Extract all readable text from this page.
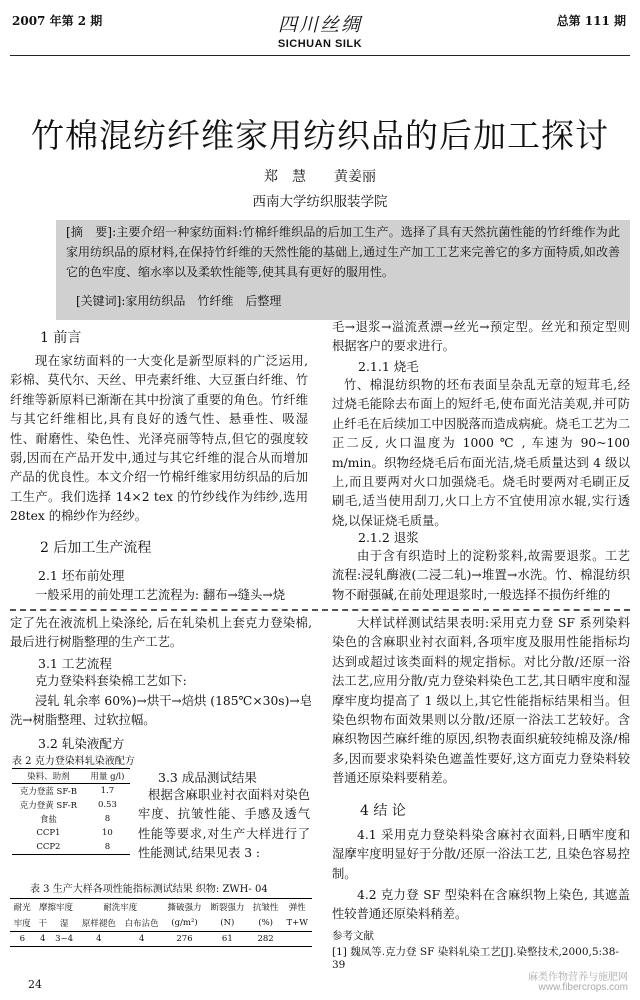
2007 年第 2 期	四川丝绸
SICHUAN SILK
总第 111 期
竹棉混纺纤维家用纺织品的后加工探讨
郑　慧　　黄姜丽
西南大学纺织服装学院
[摘　要]:主要介绍一种家纺面料:竹棉纤维织品的后加工生产。选择了具有天然抗菌性能的竹纤维作为此家用纺织品的原材料,在保持竹纤维的天然性能的基础上,通过生产加工工艺来完善它的多方面特质,如改善它的色牢度、缩水率以及柔软性能等,使其具有更好的服用性。
[关键词]:家用纺织品　竹纤维　后整理
1 前言
现在家纺面料的一大变化是新型原料的广泛运用,彩棉、莫代尔、天丝、甲壳素纤维、大豆蛋白纤维、竹纤维等新原料已渐渐在其中扮演了重要的角色。竹纤维与其它纤维相比,具有良好的透气性、悬垂性、吸湿性、耐磨性、染色性、光泽亮丽等特点,但它的强度较弱,因而在产品开发中,通过与其它纤维的混合从而增加产品的优良性。本文介绍一竹棉纤维家用纺织品的后加工生产。我们选择 14×2 tex 的竹纱线作为纬纱,选用 28tex 的棉纱作为经纱。
2 后加工生产流程
2.1 坯布前处理
一般采用的前处理工艺流程为: 翻布→缝头→烧
毛→退浆→溢流煮漂→丝光→预定型。丝光和预定型则根据客户的要求进行。
2.1.1 烧毛
竹、棉混纺织物的坯布表面呈杂乱无章的短茸毛,经过烧毛能除去布面上的短纤毛,使布面光洁美观,并可防止纤毛在后续加工中因脱落而造成病疵。烧毛工艺为二正二反, 火口温度为 1000 ℃ , 车速为 90~100 m/min。织物经烧毛后布面光洁,烧毛质量达到 4 级以上,而且要两对火口加强烧毛。烧毛时要两对毛刷正反刷毛,适当使用刮刀,火口上方不宜使用凉水辊,实行透烧,以保证烧毛质量。
2.1.2 退浆
由于含有织造时上的淀粉浆料,故需要退浆。工艺流程:浸轧酶液(二浸二轧)→堆置→水洗。竹、棉混纺织物不耐强碱,在前处理退浆时,一般选择不损伤纤维的
定了先在液流机上染涤纶, 后在轧染机上套克力登染棉,最后进行树脂整理的生产工艺。
3.1 工艺流程
克力登染料套染棉工艺如下:
浸轧 轧余率 60%)→烘干→焙烘 (185℃×30s)→皂洗→树脂整理、过软拉幅。
3.2 轧染液配方
表 2 克力登染料轧染液配方
染料、助剂	用量 g/l)
克力登蓝 SF-B	1.7
克力登黄 SF-R	0.53
食盐	8
CCP1	10
CCP2	8
3.3 成品测试结果
根据含麻职业衬衣面料对染色牢度、抗皱性能、手感及透气性能等要求,对生产大样进行了性能测试,结果见表 3 :
表 3 生产大样各项性能指标测试结果 织物: ZWH- 04
耐光	摩擦牢度		耐洗牢度		撕破强力	断裂强力	抗皱性	弹性
牢度	干	湿	原样褪色	白布沾色	(g/m²)	(N)	(%)	T+W
6	4	3~4	4	4	276	61	282	
大样试样测试结果表明:采用克力登 SF 系列染料染色的含麻职业衬衣面料,各项牢度及服用性能指标均达到或超过该类面料的规定指标。对比分散/还原一浴法工艺,应用分散/克力登染料染色工艺,其日晒牢度和湿摩牢度均提高了 1 级以上,其它性能指标结果相当。但染色织物布面效果则以分散/还原一浴法工艺较好。含麻织物因苎麻纤维的原因,织物表面织疵较纯棉及涤/棉多,因而要求染料染色遮盖性要好,这方面克力登染料较普通还原染料要稍差。
4 结 论
4.1 采用克力登染料染含麻衬衣面料,日晒牢度和湿摩牢度明显好于分散/还原一浴法工艺, 且染色容易控制。
4.2 克力登 SF 型染料在含麻织物上染色, 其遮盖性较普通还原染料稍差。
参考文献
[1] 魏凤等.克力登 SF 染料轧染工艺[J].染整技术,2000,5:38-39
24
麻类作物营养与施肥网
www.fibercrops.com
